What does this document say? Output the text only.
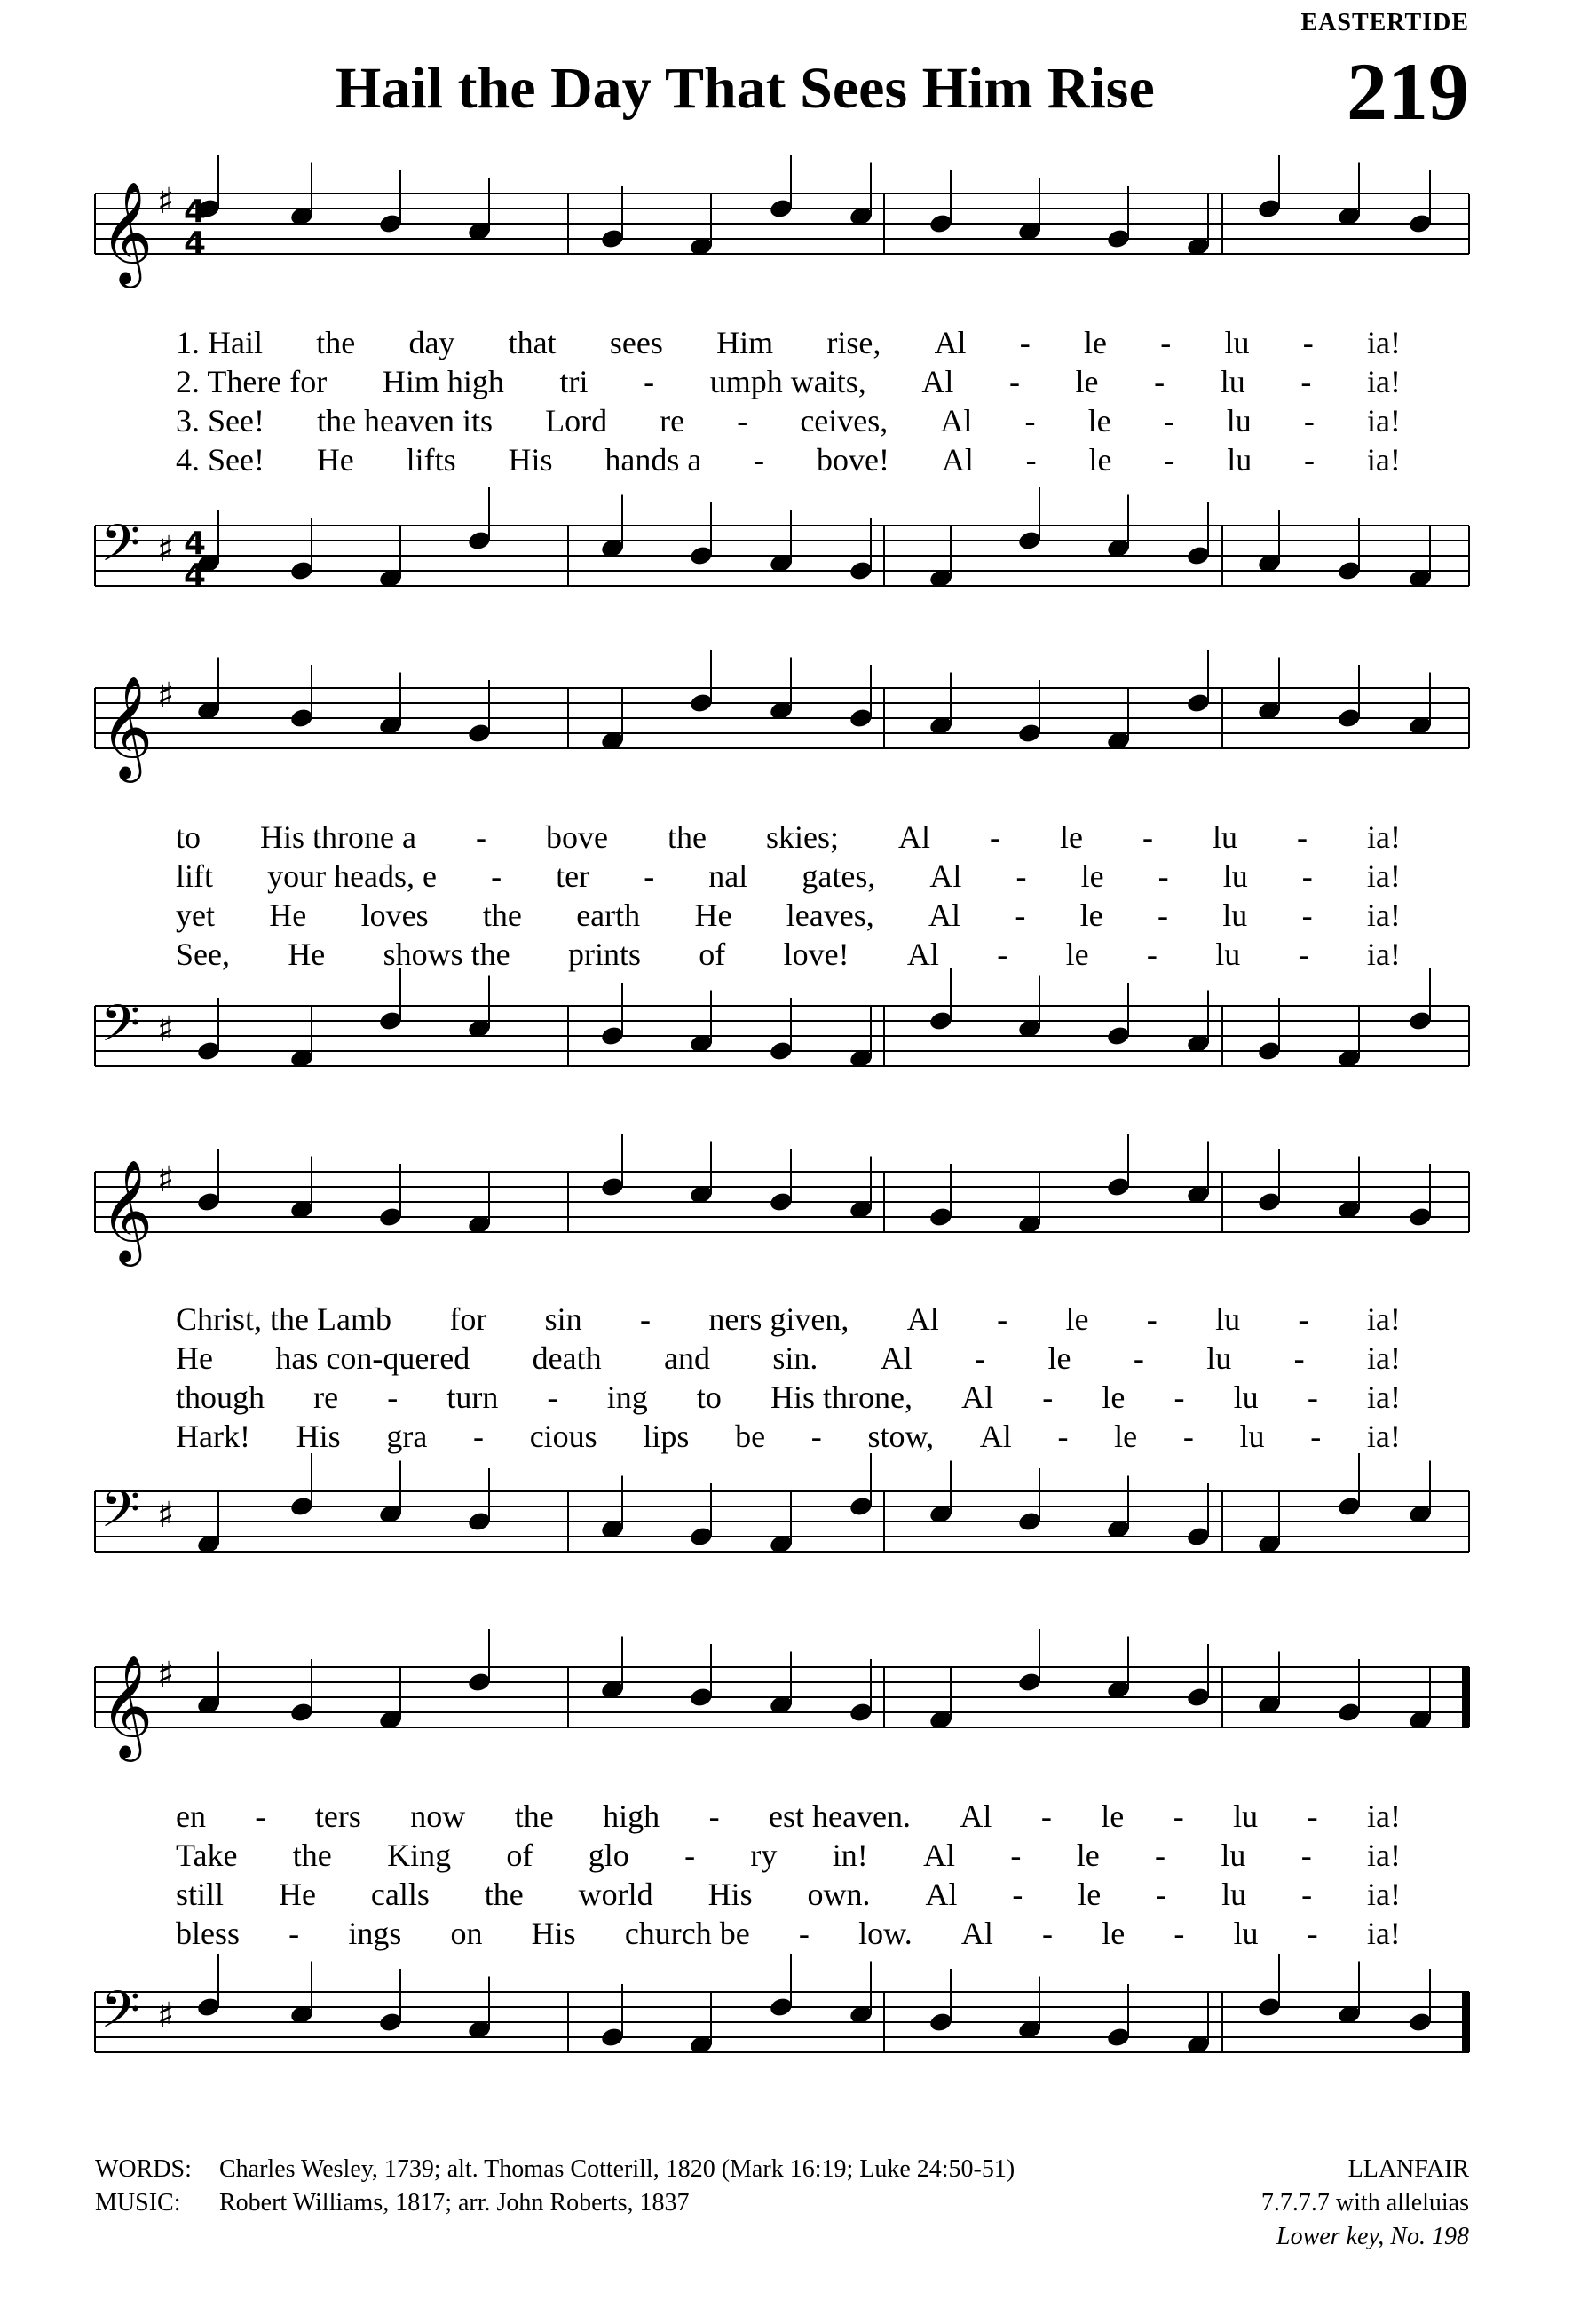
EASTERTIDE
Hail the Day That Sees Him Rise 219
𝄞 ♯
𝄢 ♯
𝄞 ♯
𝄢 ♯
𝄞 ♯
𝄢 ♯
𝄞 ♯
𝄢 ♯
4
4
4
4
1. Hail the day that sees Him rise, Al - le - lu - ia!
2. There for Him high tri - umph waits, Al - le - lu - ia!
3. See! the heaven its Lord re - ceives, Al - le - lu - ia!
4. See! He lifts His hands a - bove! Al - le - lu - ia!
to His throne a - bove the skies; Al - le - lu - ia!
lift your heads, e - ter - nal gates, Al - le - lu - ia!
yet He loves the earth He leaves, Al - le - lu - ia!
See, He shows the prints of love! Al - le - lu - ia!
Christ, the Lamb for sin - ners given, Al - le - lu - ia!
He has con-quered death and sin. Al - le - lu - ia!
though re - turn - ing to His throne, Al - le - lu - ia!
Hark! His gra - cious lips be - stow, Al - le - lu - ia!
en - ters now the high - est heaven. Al - le - lu - ia!
Take the King of glo - ry in! Al - le - lu - ia!
still He calls the world His own. Al - le - lu - ia!
bless - ings on His church be - low. Al - le - lu - ia!
WORDS: Charles Wesley, 1739; alt. Thomas Cotterill, 1820 (Mark 16:19; Luke 24:50-51)
MUSIC: Robert Williams, 1817; arr. John Roberts, 1837
LLANFAIR
7.7.7.7 with alleluias
Lower key, No. 198
